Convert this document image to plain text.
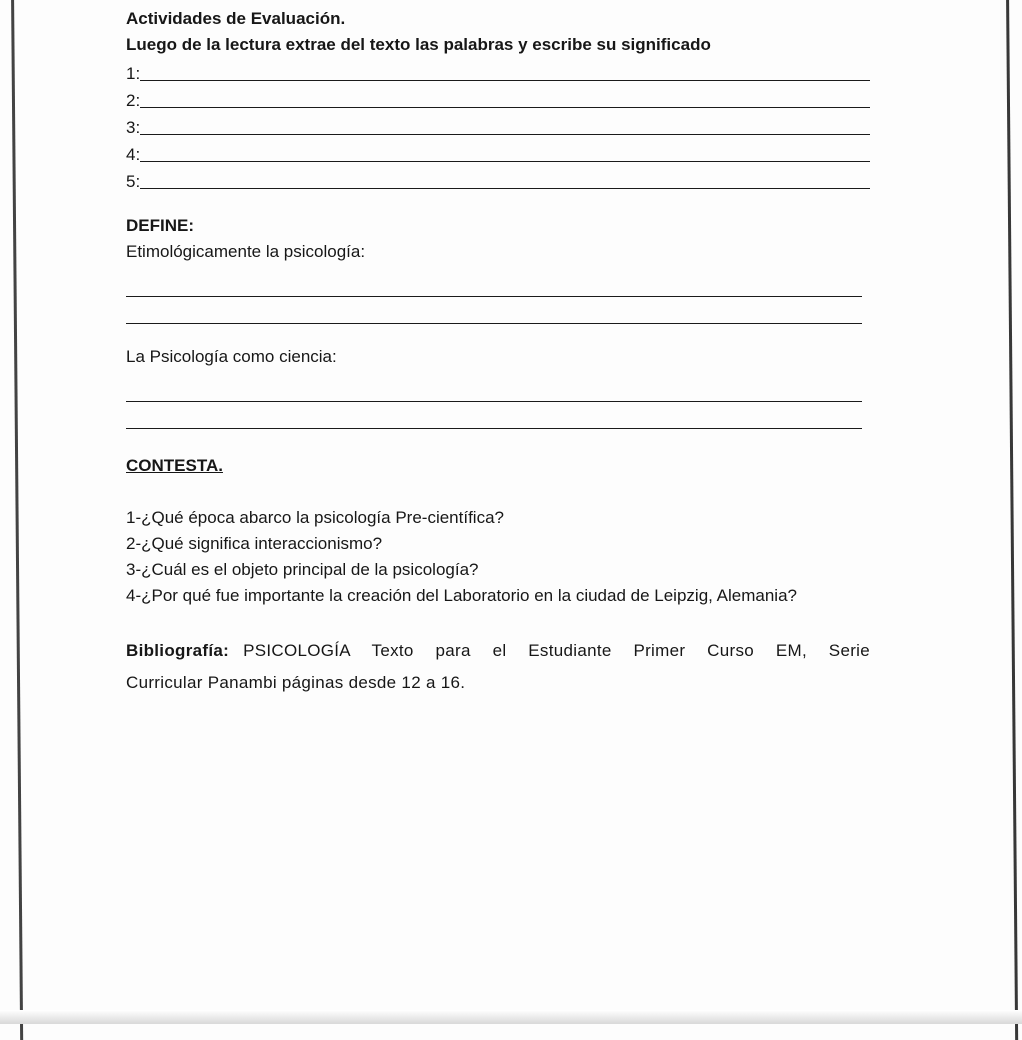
Actividades de Evaluación.
Luego de la lectura extrae del texto las palabras y escribe su significado
1:
2:
3:
4:
5:
DEFINE:
Etimológicamente la psicología:
La Psicología como ciencia:
CONTESTA.
1-¿Qué época abarco la psicología Pre-científica?
2-¿Qué significa interaccionismo?
3-¿Cuál es el objeto principal de la psicología?
4-¿Por qué fue importante la creación del Laboratorio en la ciudad de Leipzig, Alemania?
Bibliografía: PSICOLOGÍA Texto para el Estudiante Primer Curso EM, Serie
Curricular Panambi páginas desde 12 a 16.
